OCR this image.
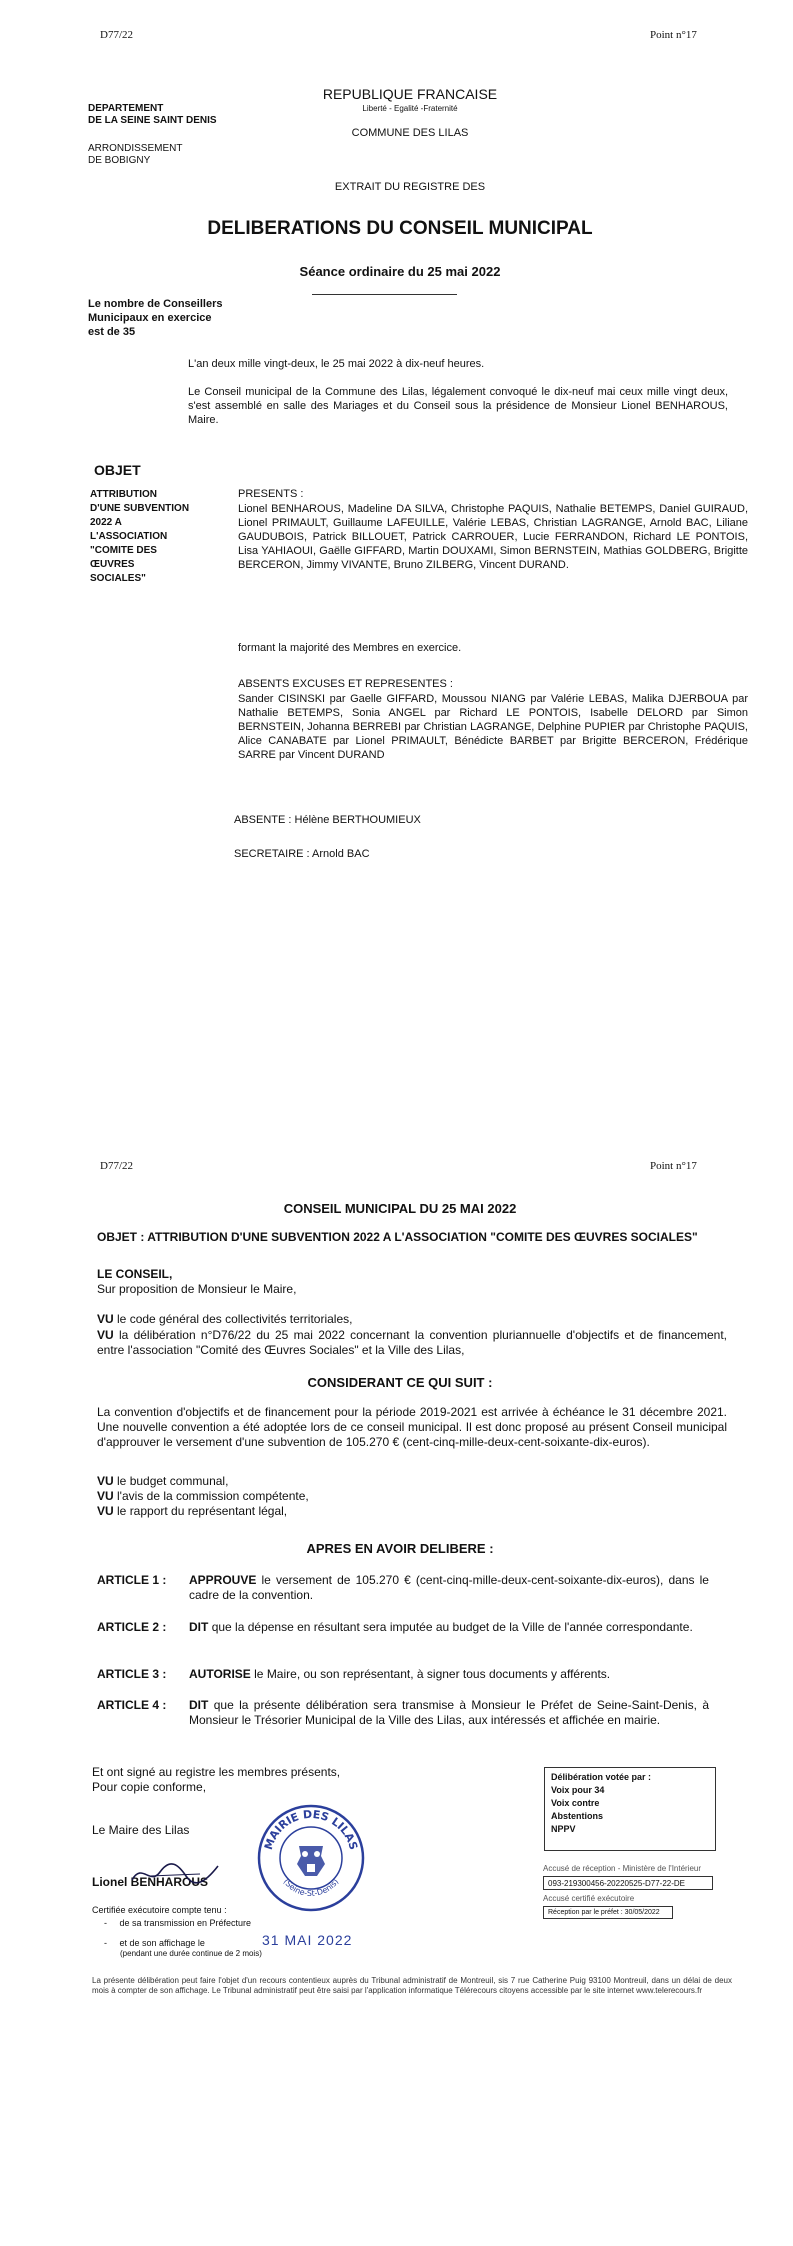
D77/22	Point n°17
REPUBLIQUE FRANCAISE
Liberté - Egalité -Fraternité
COMMUNE DES LILAS
DEPARTEMENT
DE LA SEINE SAINT DENIS
ARRONDISSEMENT
DE BOBIGNY
EXTRAIT DU REGISTRE DES
DELIBERATIONS DU CONSEIL MUNICIPAL
Séance ordinaire du 25 mai 2022
Le nombre de Conseillers
Municipaux en exercice
est de 35
L'an deux mille vingt-deux, le 25 mai 2022 à dix-neuf heures.
Le Conseil municipal de la Commune des Lilas, légalement convoqué le dix-neuf mai ceux mille vingt deux, s'est assemblé en salle des Mariages et du Conseil sous la présidence de Monsieur Lionel BENHAROUS, Maire.
OBJET
ATTRIBUTION
D'UNE SUBVENTION
2022 A
L'ASSOCIATION
"COMITE DES
ŒUVRES
SOCIALES"
PRESENTS :
Lionel BENHAROUS, Madeline DA SILVA, Christophe PAQUIS, Nathalie BETEMPS, Daniel GUIRAUD, Lionel PRIMAULT, Guillaume LAFEUILLE, Valérie LEBAS, Christian LAGRANGE, Arnold BAC, Liliane GAUDUBOIS, Patrick BILLOUET, Patrick CARROUER, Lucie FERRANDON, Richard LE PONTOIS, Lisa YAHIAOUI, Gaëlle GIFFARD, Martin DOUXAMI, Simon BERNSTEIN, Mathias GOLDBERG, Brigitte BERCERON, Jimmy VIVANTE, Bruno ZILBERG, Vincent DURAND.
formant la majorité des Membres en exercice.
ABSENTS EXCUSES ET REPRESENTES :
Sander CISINSKI par Gaelle GIFFARD, Moussou NIANG par Valérie LEBAS, Malika DJERBOUA par Nathalie BETEMPS, Sonia ANGEL par Richard LE PONTOIS, Isabelle DELORD par Simon BERNSTEIN, Johanna BERREBI par Christian LAGRANGE, Delphine PUPIER par Christophe PAQUIS, Alice CANABATE par Lionel PRIMAULT, Bénédicte BARBET par Brigitte BERCERON, Frédérique SARRE par Vincent DURAND
ABSENTE : Hélène BERTHOUMIEUX
SECRETAIRE : Arnold BAC
D77/22	Point n°17
CONSEIL MUNICIPAL DU 25 MAI 2022
OBJET : ATTRIBUTION D'UNE SUBVENTION 2022 A L'ASSOCIATION "COMITE DES ŒUVRES SOCIALES"
LE CONSEIL,
Sur proposition de Monsieur le Maire,
VU le code général des collectivités territoriales,
VU la délibération n°D76/22 du 25 mai 2022 concernant la convention pluriannuelle d'objectifs et de financement, entre l'association "Comité des Œuvres Sociales" et la Ville des Lilas,
CONSIDERANT CE QUI SUIT :
La convention d'objectifs et de financement pour la période 2019-2021 est arrivée à échéance le 31 décembre 2021. Une nouvelle convention a été adoptée lors de ce conseil municipal. Il est donc proposé au présent Conseil municipal d'approuver le versement d'une subvention de 105.270 € (cent-cinq-mille-deux-cent-soixante-dix-euros).
VU le budget communal,
VU l'avis de la commission compétente,
VU le rapport du représentant légal,
APRES EN AVOIR DELIBERE :
ARTICLE 1 : APPROUVE le versement de 105.270 € (cent-cinq-mille-deux-cent-soixante-dix-euros), dans le cadre de la convention.
ARTICLE 2 : DIT que la dépense en résultant sera imputée au budget de la Ville de l'année correspondante.
ARTICLE 3 : AUTORISE le Maire, ou son représentant, à signer tous documents y afférents.
ARTICLE 4 : DIT que la présente délibération sera transmise à Monsieur le Préfet de Seine-Saint-Denis, à Monsieur le Trésorier Municipal de la Ville des Lilas, aux intéressés et affichée en mairie.
Et ont signé au registre les membres présents,
Pour copie conforme,
Délibération votée par :
Voix pour 34
Voix contre
Abstentions
NPPV
Le Maire des Lilas
MAIRIE DES LILAS
(Seine-St-Denis)
Lionel BENHAROUS
Certifiée exécutoire compte tenu :
-     de sa transmission en Préfecture
-     et de son affichage le	31 MAI 2022
(pendant une durée continue de 2 mois)
Accusé de réception - Ministère de l'Intérieur
093-219300456-20220525-D77-22-DE
Accusé certifié exécutoire
Réception par le préfet : 30/05/2022
La présente délibération peut faire l'objet d'un recours contentieux auprès du Tribunal administratif de Montreuil, sis 7 rue Catherine Puig 93100 Montreuil, dans un délai de deux mois à compter de son affichage. Le Tribunal administratif peut être saisi par l'application informatique Télérecours citoyens accessible par le site internet www.telerecours.fr
